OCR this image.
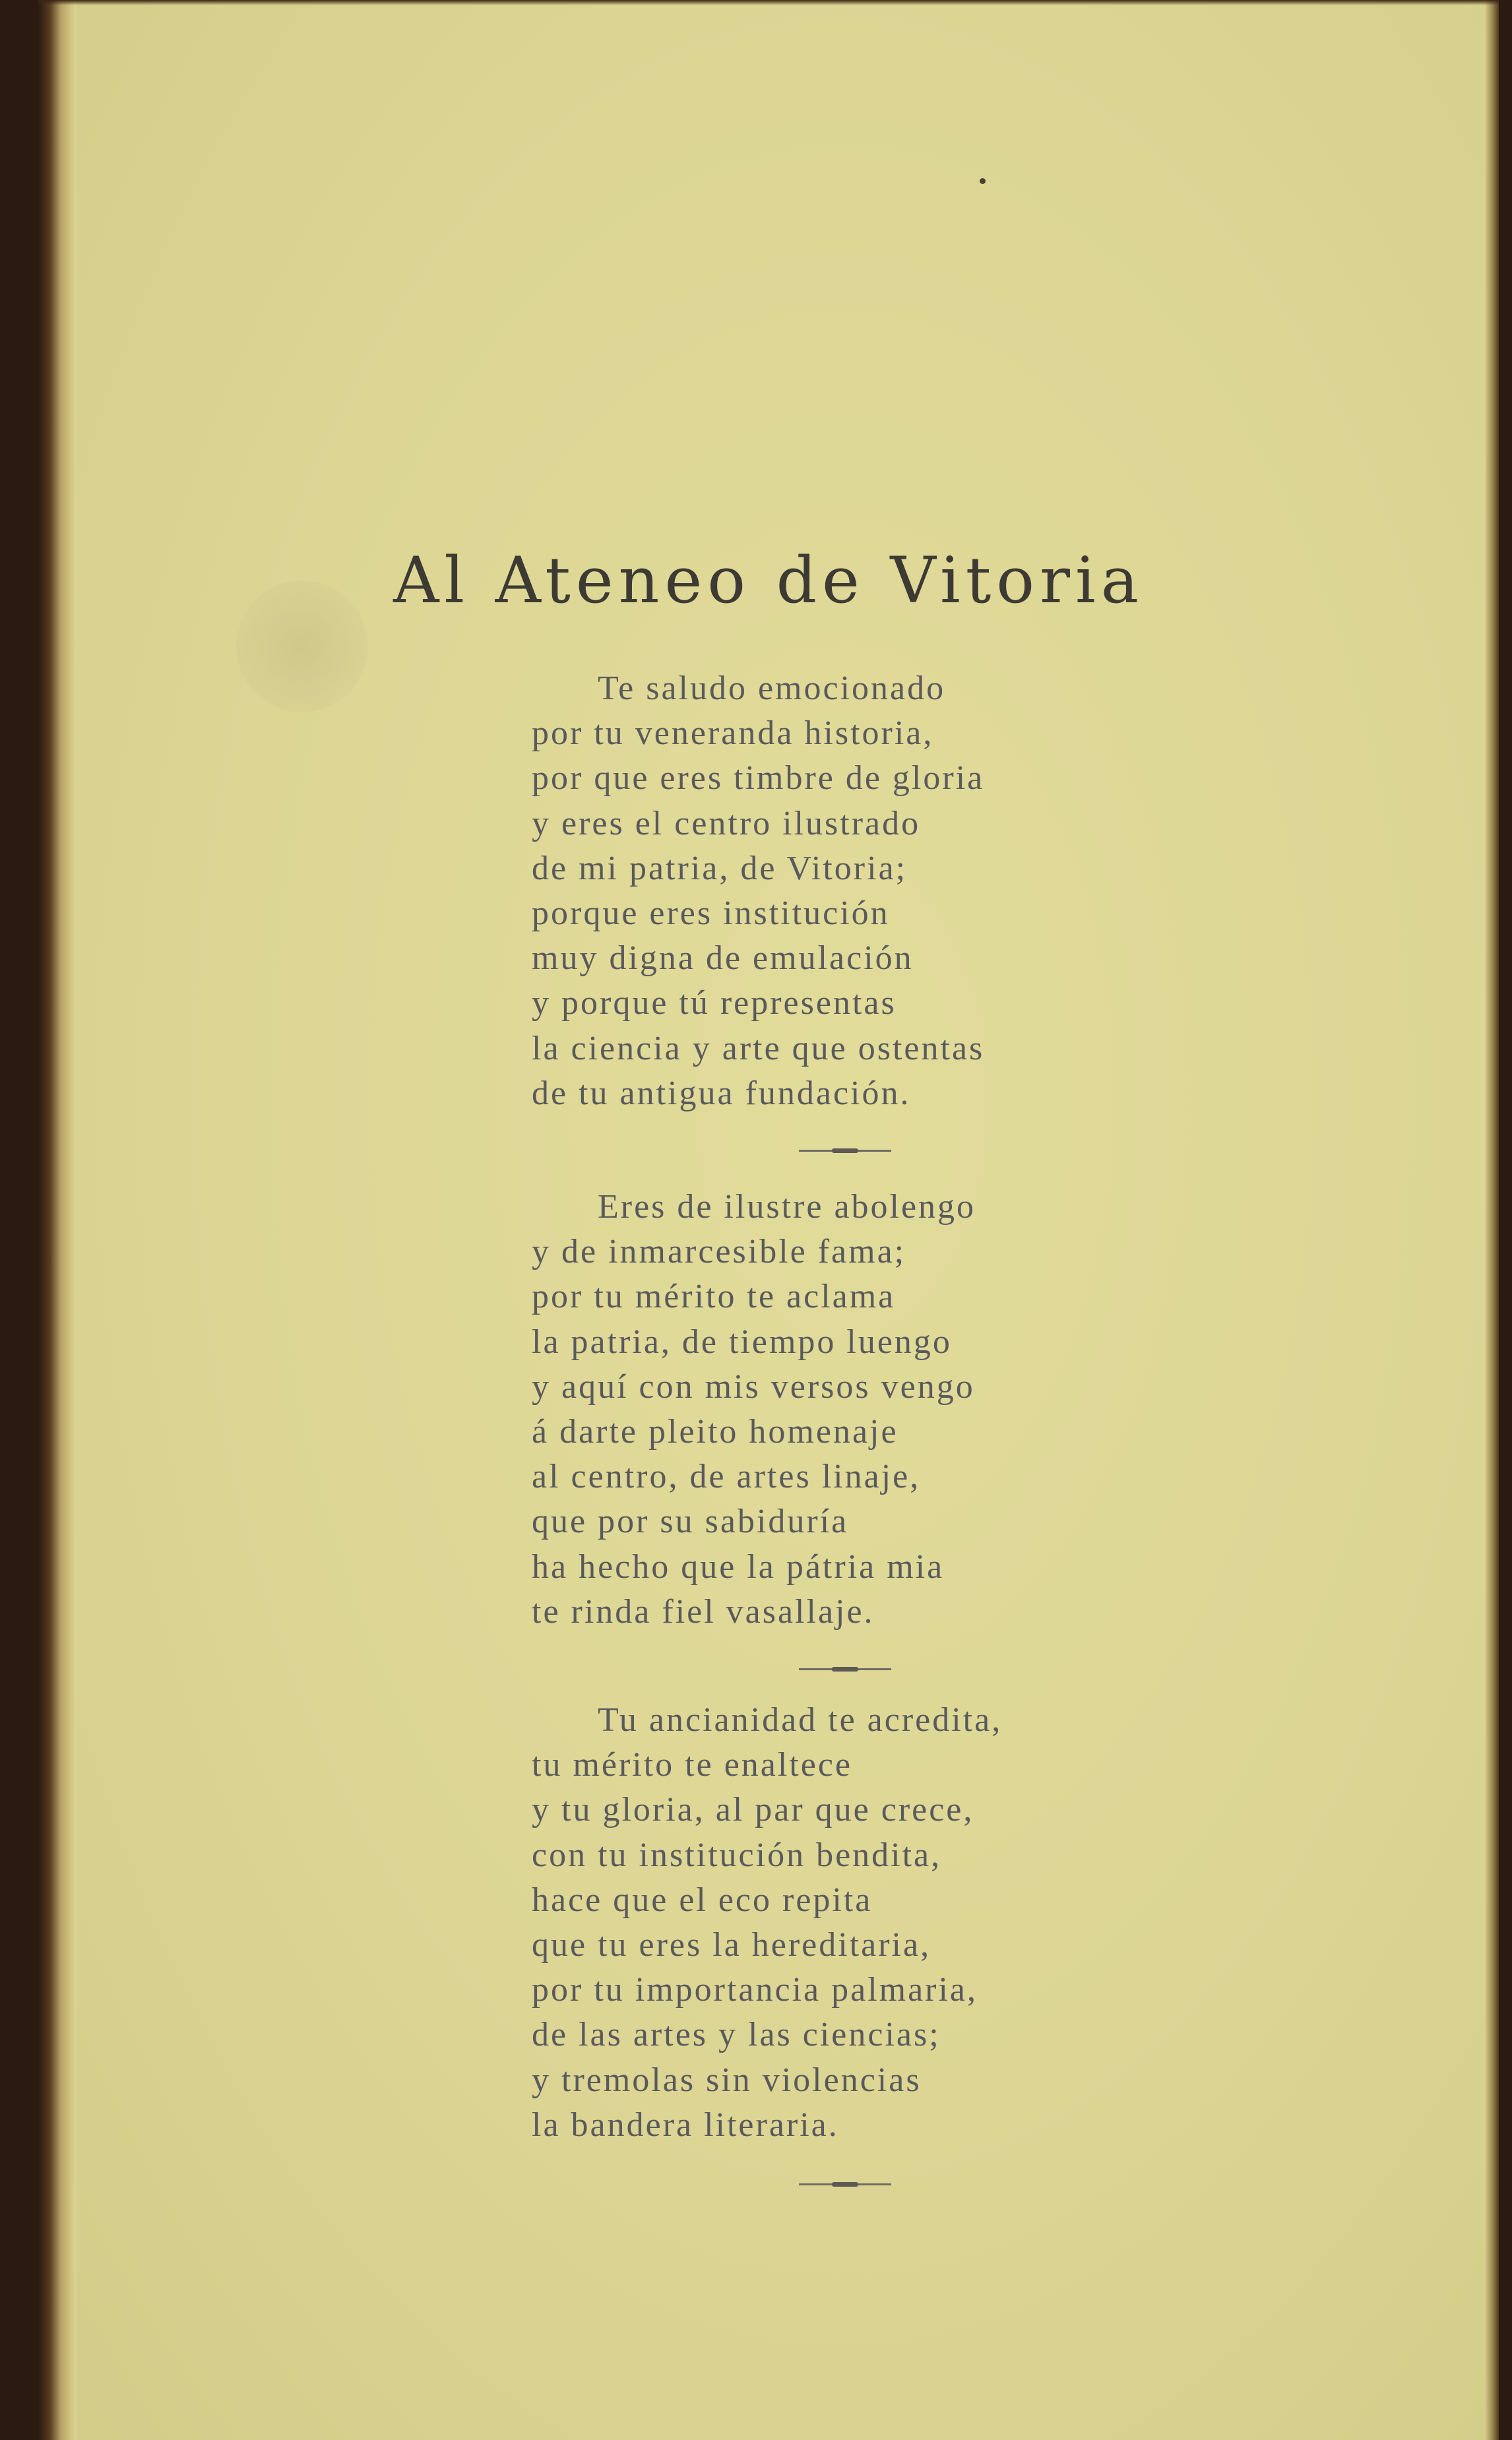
Al Ateneo de Vitoria
Te saludo emocionado
por tu veneranda historia,
por que eres timbre de gloria
y eres el centro ilustrado
de mi patria, de Vitoria;
porque eres institución
muy digna de emulación
y porque tú representas
la ciencia y arte que ostentas
de tu antigua fundación.
Eres de ilustre abolengo
y de inmarcesible fama;
por tu mérito te aclama
la patria, de tiempo luengo
y aquí con mis versos vengo
á darte pleito homenaje
al centro, de artes linaje,
que por su sabiduría
ha hecho que la pátria mia
te rinda fiel vasallaje.
Tu ancianidad te acredita,
tu mérito te enaltece
y tu gloria, al par que crece,
con tu institución bendita,
hace que el eco repita
que tu eres la hereditaria,
por tu importancia palmaria,
de las artes y las ciencias;
y tremolas sin violencias
la bandera literaria.
